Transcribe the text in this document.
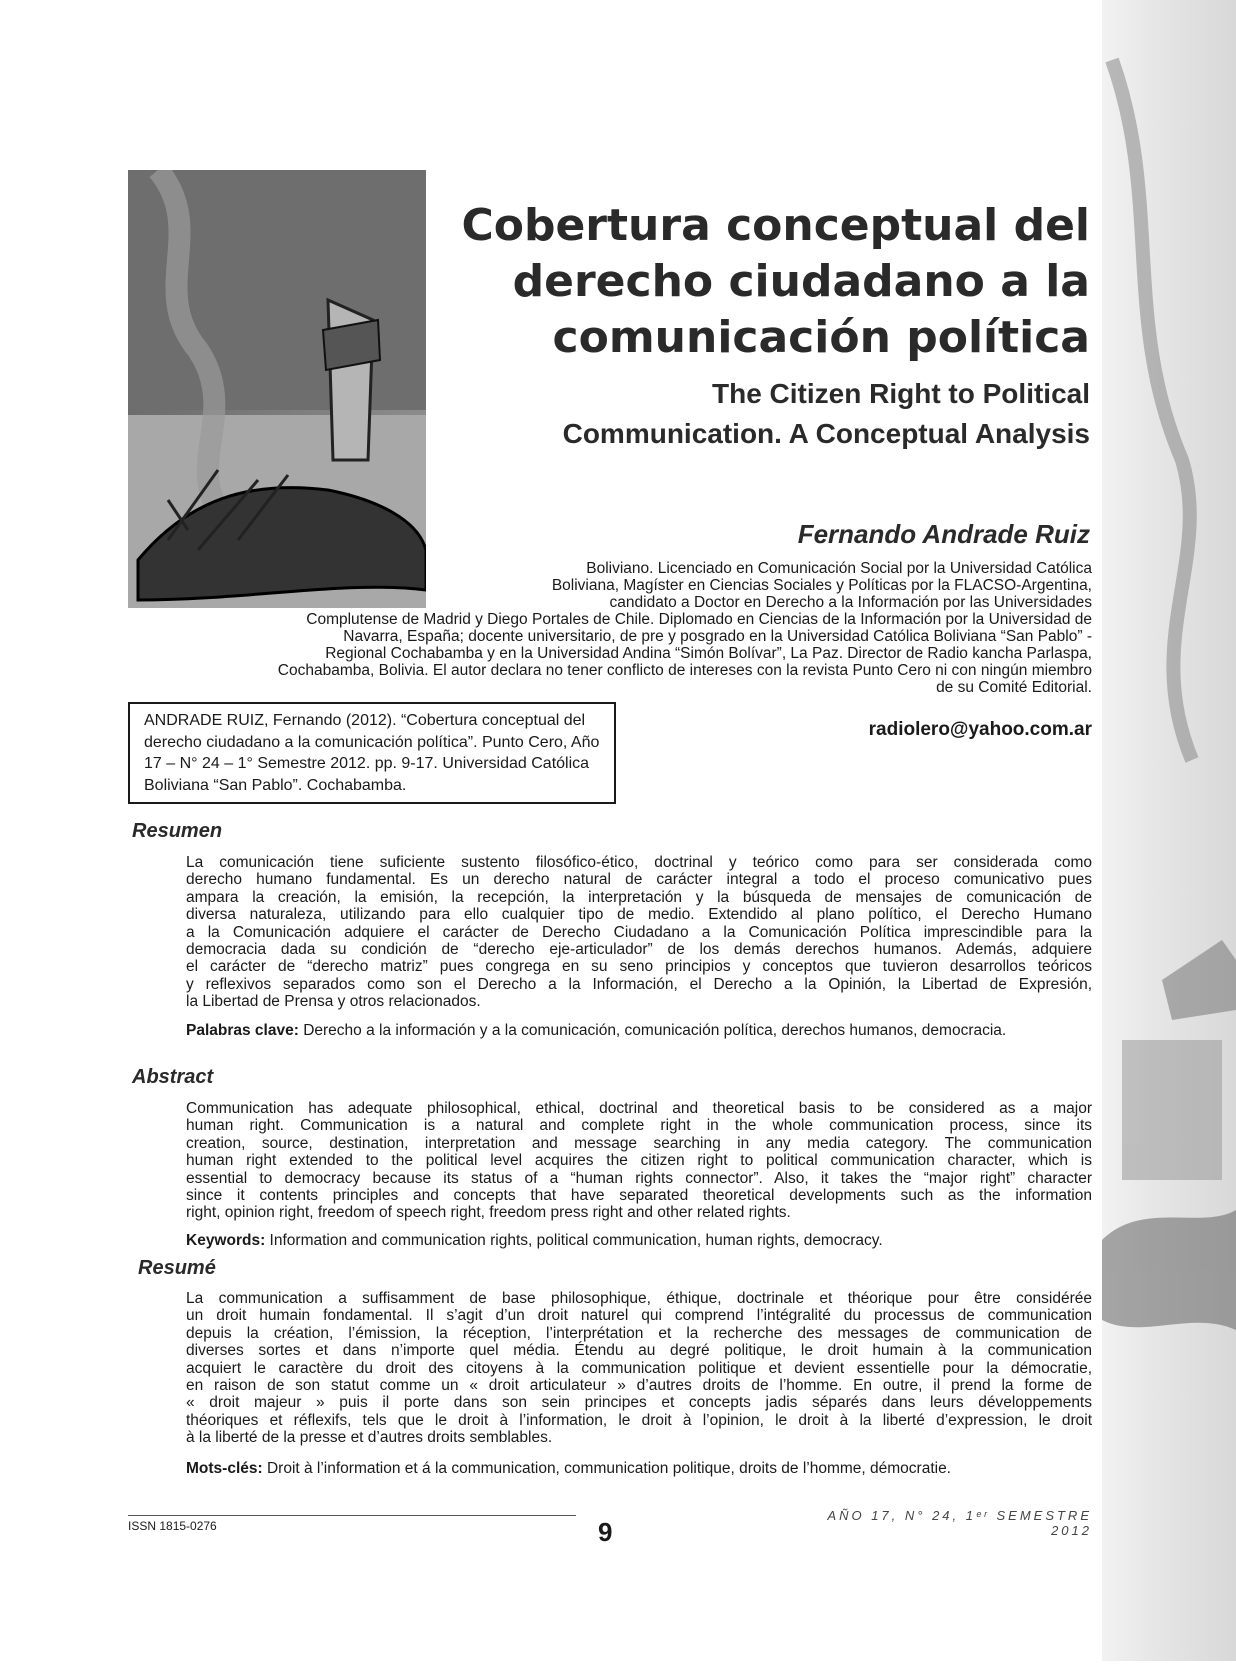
Cobertura conceptual del
derecho ciudadano a la
comunicación política
The Citizen Right to Political
Communication. A Conceptual Analysis
Fernando Andrade Ruiz
Boliviano. Licenciado en Comunicación Social por la Universidad Católica
Boliviana, Magíster en Ciencias Sociales y Políticas por la FLACSO-Argentina,
candidato a Doctor en Derecho a la Información por las Universidades
Complutense de Madrid y Diego Portales de Chile. Diplomado en Ciencias de la Información por la Universidad de
Navarra, España; docente universitario, de pre y posgrado en la Universidad Católica Boliviana “San Pablo” -
Regional Cochabamba y en la Universidad Andina “Simón Bolívar”, La Paz. Director de Radio kancha Parlaspa,
Cochabamba, Bolivia. El autor declara no tener conflicto de intereses con la revista Punto Cero ni con ningún miembro
de su Comité Editorial.
ANDRADE RUIZ, Fernando (2012). “Cobertura conceptual del
derecho ciudadano a la comunicación política”. Punto Cero, Año
17 – N° 24 – 1° Semestre 2012. pp. 9-17. Universidad Católica
Boliviana “San Pablo”. Cochabamba.
radiolero@yahoo.com.ar
Resumen
La comunicación tiene suficiente sustento filosófico-ético, doctrinal y teórico como para ser considerada como
derecho humano fundamental. Es un derecho natural de carácter integral a todo el proceso comunicativo pues
ampara la creación, la emisión, la recepción, la interpretación y la búsqueda de mensajes de comunicación de
diversa naturaleza, utilizando para ello cualquier tipo de medio. Extendido al plano político, el Derecho Humano
a la Comunicación adquiere el carácter de Derecho Ciudadano a la Comunicación Política imprescindible para la
democracia dada su condición de “derecho eje-articulador” de los demás derechos humanos. Además, adquiere
el carácter de “derecho matriz” pues congrega en su seno principios y conceptos que tuvieron desarrollos teóricos
y reflexivos separados como son el Derecho a la Información, el Derecho a la Opinión, la Libertad de Expresión,
la Libertad de Prensa y otros relacionados.
Palabras clave: Derecho a la información y a la comunicación, comunicación política, derechos humanos, democracia.
Abstract
Communication has adequate philosophical, ethical, doctrinal and theoretical basis to be considered as a major
human right. Communication is a natural and complete right in the whole communication process, since its
creation, source, destination, interpretation and message searching in any media category. The communication
human right extended to the political level acquires the citizen right to political communication character, which is
essential to democracy because its status of a “human rights connector”. Also, it takes the “major right” character
since it contents principles and concepts that have separated theoretical developments such as the information
right, opinion right, freedom of speech right, freedom press right and other related rights.
Keywords: Information and communication rights, political communication, human rights, democracy.
Resumé
La communication a suffisamment de base philosophique, éthique, doctrinale et théorique pour être considérée
un droit humain fondamental. Il s’agit d’un droit naturel qui comprend l’intégralité du processus de communication
depuis la création, l’émission, la réception, l’interprétation et la recherche des messages de communication de
diverses sortes et dans n’importe quel média. Étendu au degré politique, le droit humain à la communication
acquiert le caractère du droit des citoyens à la communication politique et devient essentielle pour la démocratie,
en raison de son statut comme un « droit articulateur » d’autres droits de l’homme. En outre, il prend la forme de
« droit majeur » puis il porte dans son sein principes et concepts jadis séparés dans leurs développements
théoriques et réflexifs, tels que le droit à l’information, le droit à l’opinion, le droit à la liberté d’expression, le droit
à la liberté de la presse et d’autres droits semblables.
Mots-clés: Droit à l’information et á la communication, communication politique, droits de l’homme, démocratie.
ISSN 1815-0276	9
AÑO 17, N° 24, 1ᵉʳ SEMESTRE 2012
